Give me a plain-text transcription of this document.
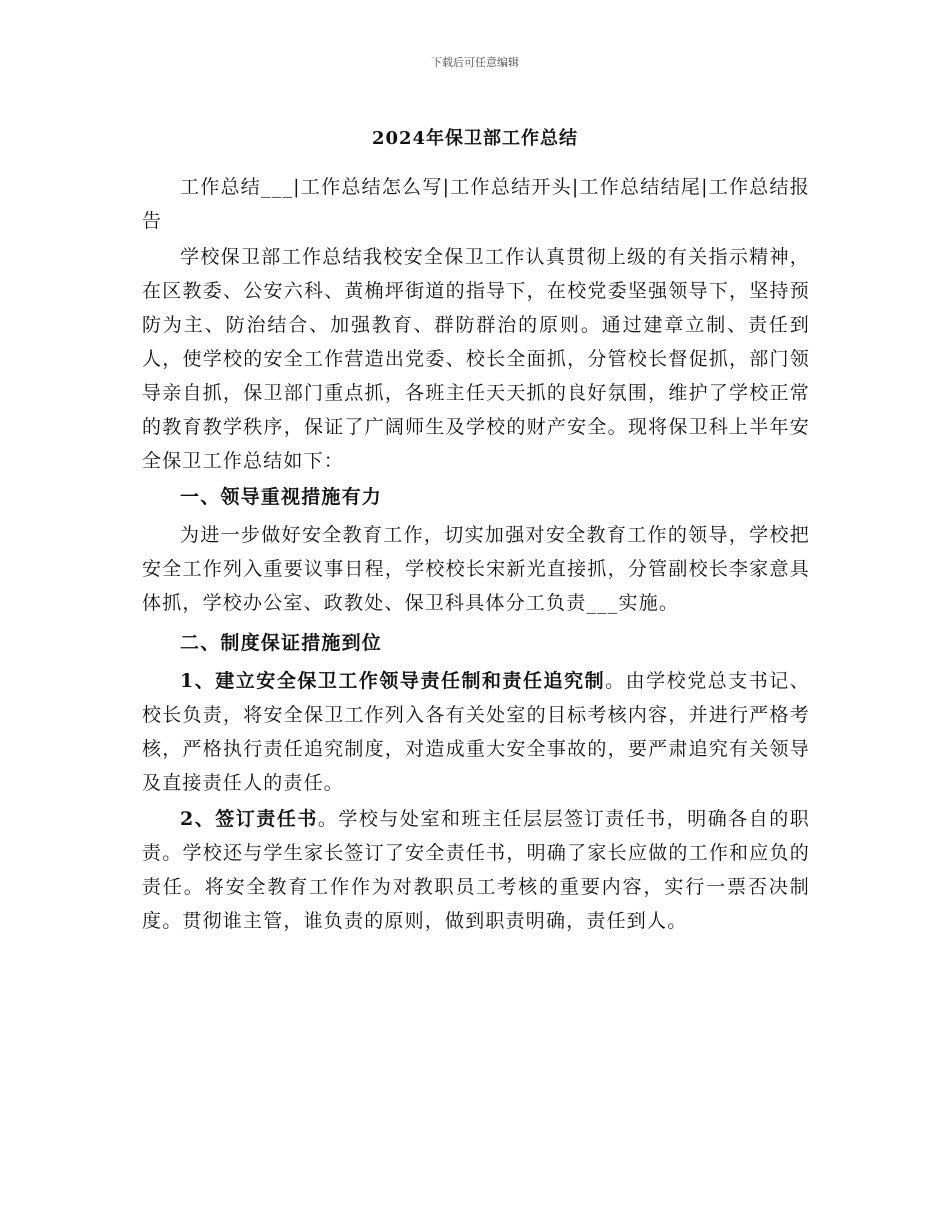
下载后可任意编辑
2024年保卫部工作总结

工作总结___|工作总结怎么写|工作总结开头|工作总结结尾|工作总结报告

学校保卫部工作总结我校安全保卫工作认真贯彻上级的有关指示精神，在区教委、公安六科、黄桷坪街道的指导下，在校党委坚强领导下，坚持预防为主、防治结合、加强教育、群防群治的原则。通过建章立制、责任到人，使学校的安全工作营造出党委、校长全面抓，分管校长督促抓，部门领导亲自抓，保卫部门重点抓，各班主任天天抓的良好氛围，维护了学校正常的教育教学秩序，保证了广阔师生及学校的财产安全。现将保卫科上半年安全保卫工作总结如下：

一、领导重视措施有力

为进一步做好安全教育工作，切实加强对安全教育工作的领导，学校把安全工作列入重要议事日程，学校校长宋新光直接抓，分管副校长李家意具体抓，学校办公室、政教处、保卫科具体分工负责___实施。

二、制度保证措施到位

1、建立安全保卫工作领导责任制和责任追究制。由学校党总支书记、校长负责，将安全保卫工作列入各有关处室的目标考核内容，并进行严格考核，严格执行责任追究制度，对造成重大安全事故的，要严肃追究有关领导及直接责任人的责任。

2、签订责任书。学校与处室和班主任层层签订责任书，明确各自的职责。学校还与学生家长签订了安全责任书，明确了家长应做的工作和应负的责任。将安全教育工作作为对教职员工考核的重要内容，实行一票否决制度。贯彻谁主管，谁负责的原则，做到职责明确，责任到人。
